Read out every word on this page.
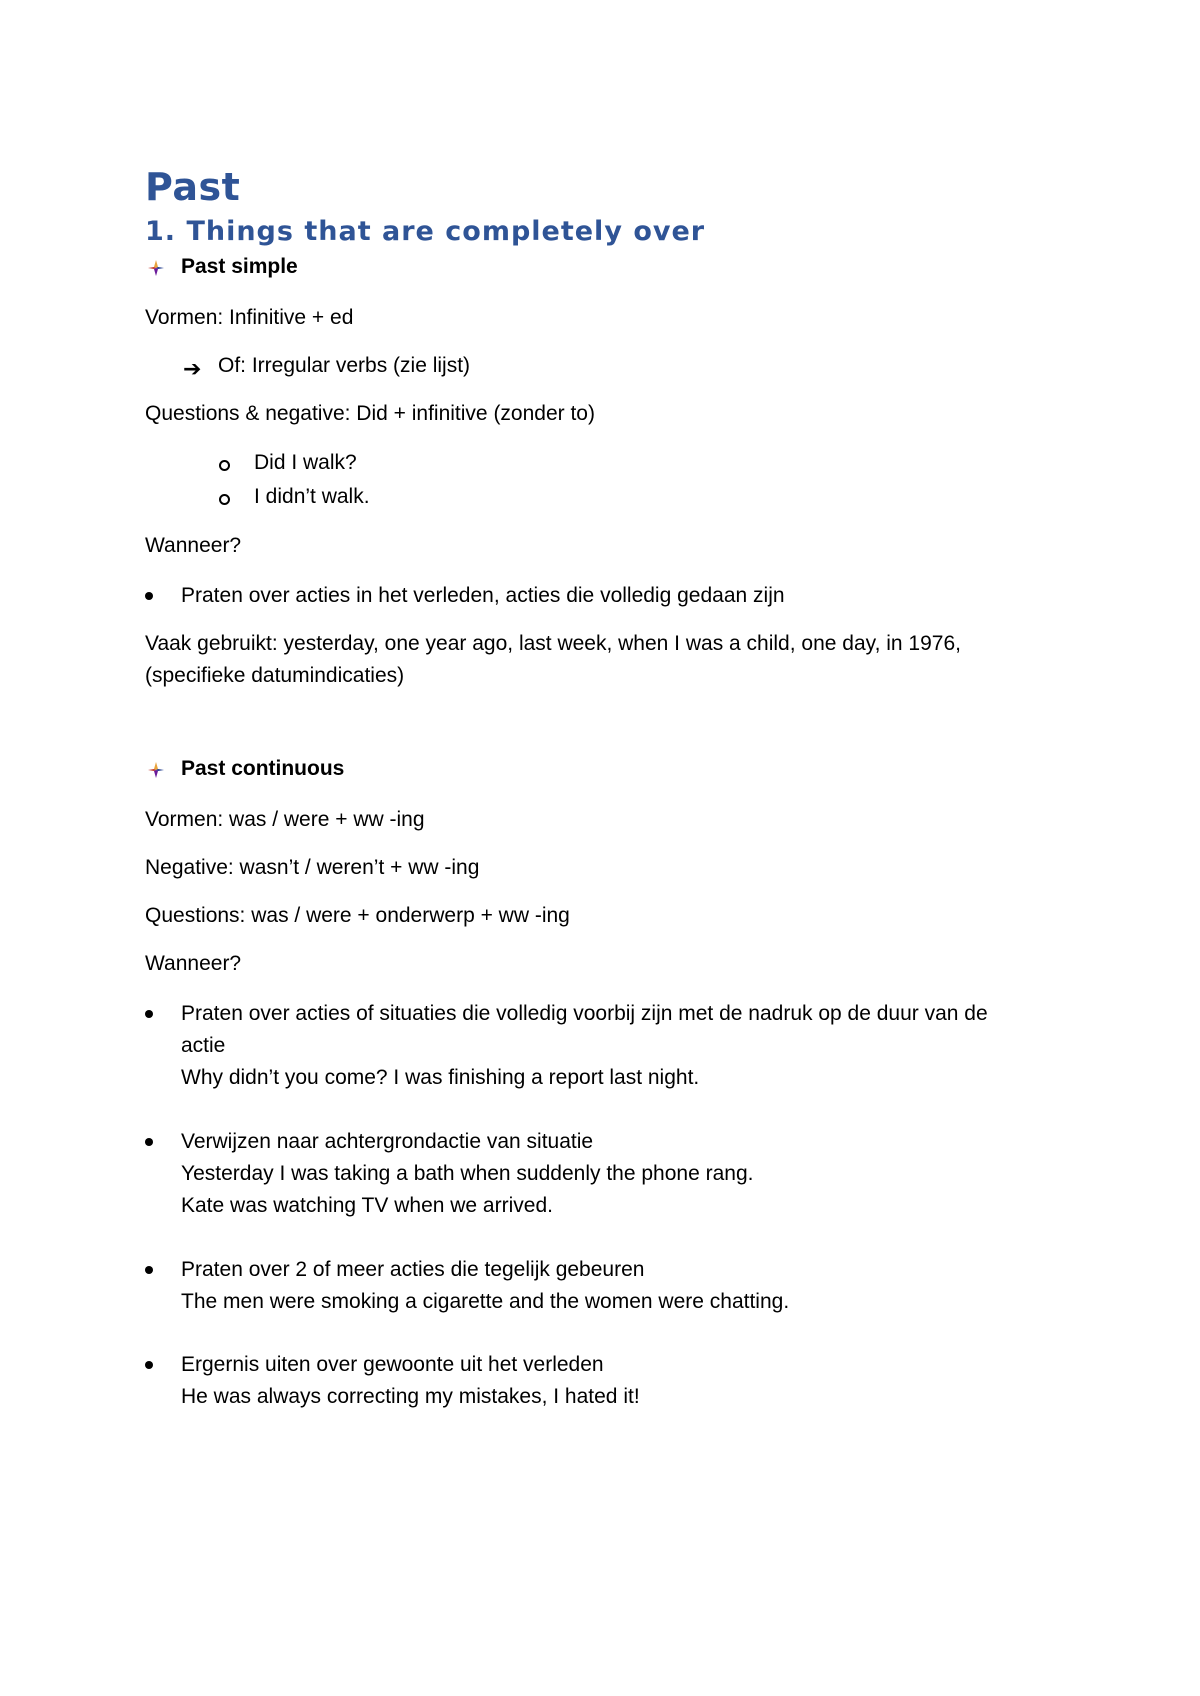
Past
1. Things that are completely over
Past simple
Vormen: Infinitive + ed
➔ Of: Irregular verbs (zie lijst)
Questions & negative: Did + infinitive (zonder to)
Did I walk?
I didn’t walk.
Wanneer?
Praten over acties in het verleden, acties die volledig gedaan zijn
Vaak gebruikt: yesterday, one year ago, last week, when I was a child, one day, in 1976,
(specifieke datumindicaties)
Past continuous
Vormen: was / were + ww -ing
Negative: wasn’t / weren’t + ww -ing
Questions: was / were + onderwerp + ww -ing
Wanneer?
Praten over acties of situaties die volledig voorbij zijn met de nadruk op de duur van de
actie
Why didn’t you come? I was finishing a report last night.
Verwijzen naar achtergrondactie van situatie
Yesterday I was taking a bath when suddenly the phone rang.
Kate was watching TV when we arrived.
Praten over 2 of meer acties die tegelijk gebeuren
The men were smoking a cigarette and the women were chatting.
Ergernis uiten over gewoonte uit het verleden
He was always correcting my mistakes, I hated it!
